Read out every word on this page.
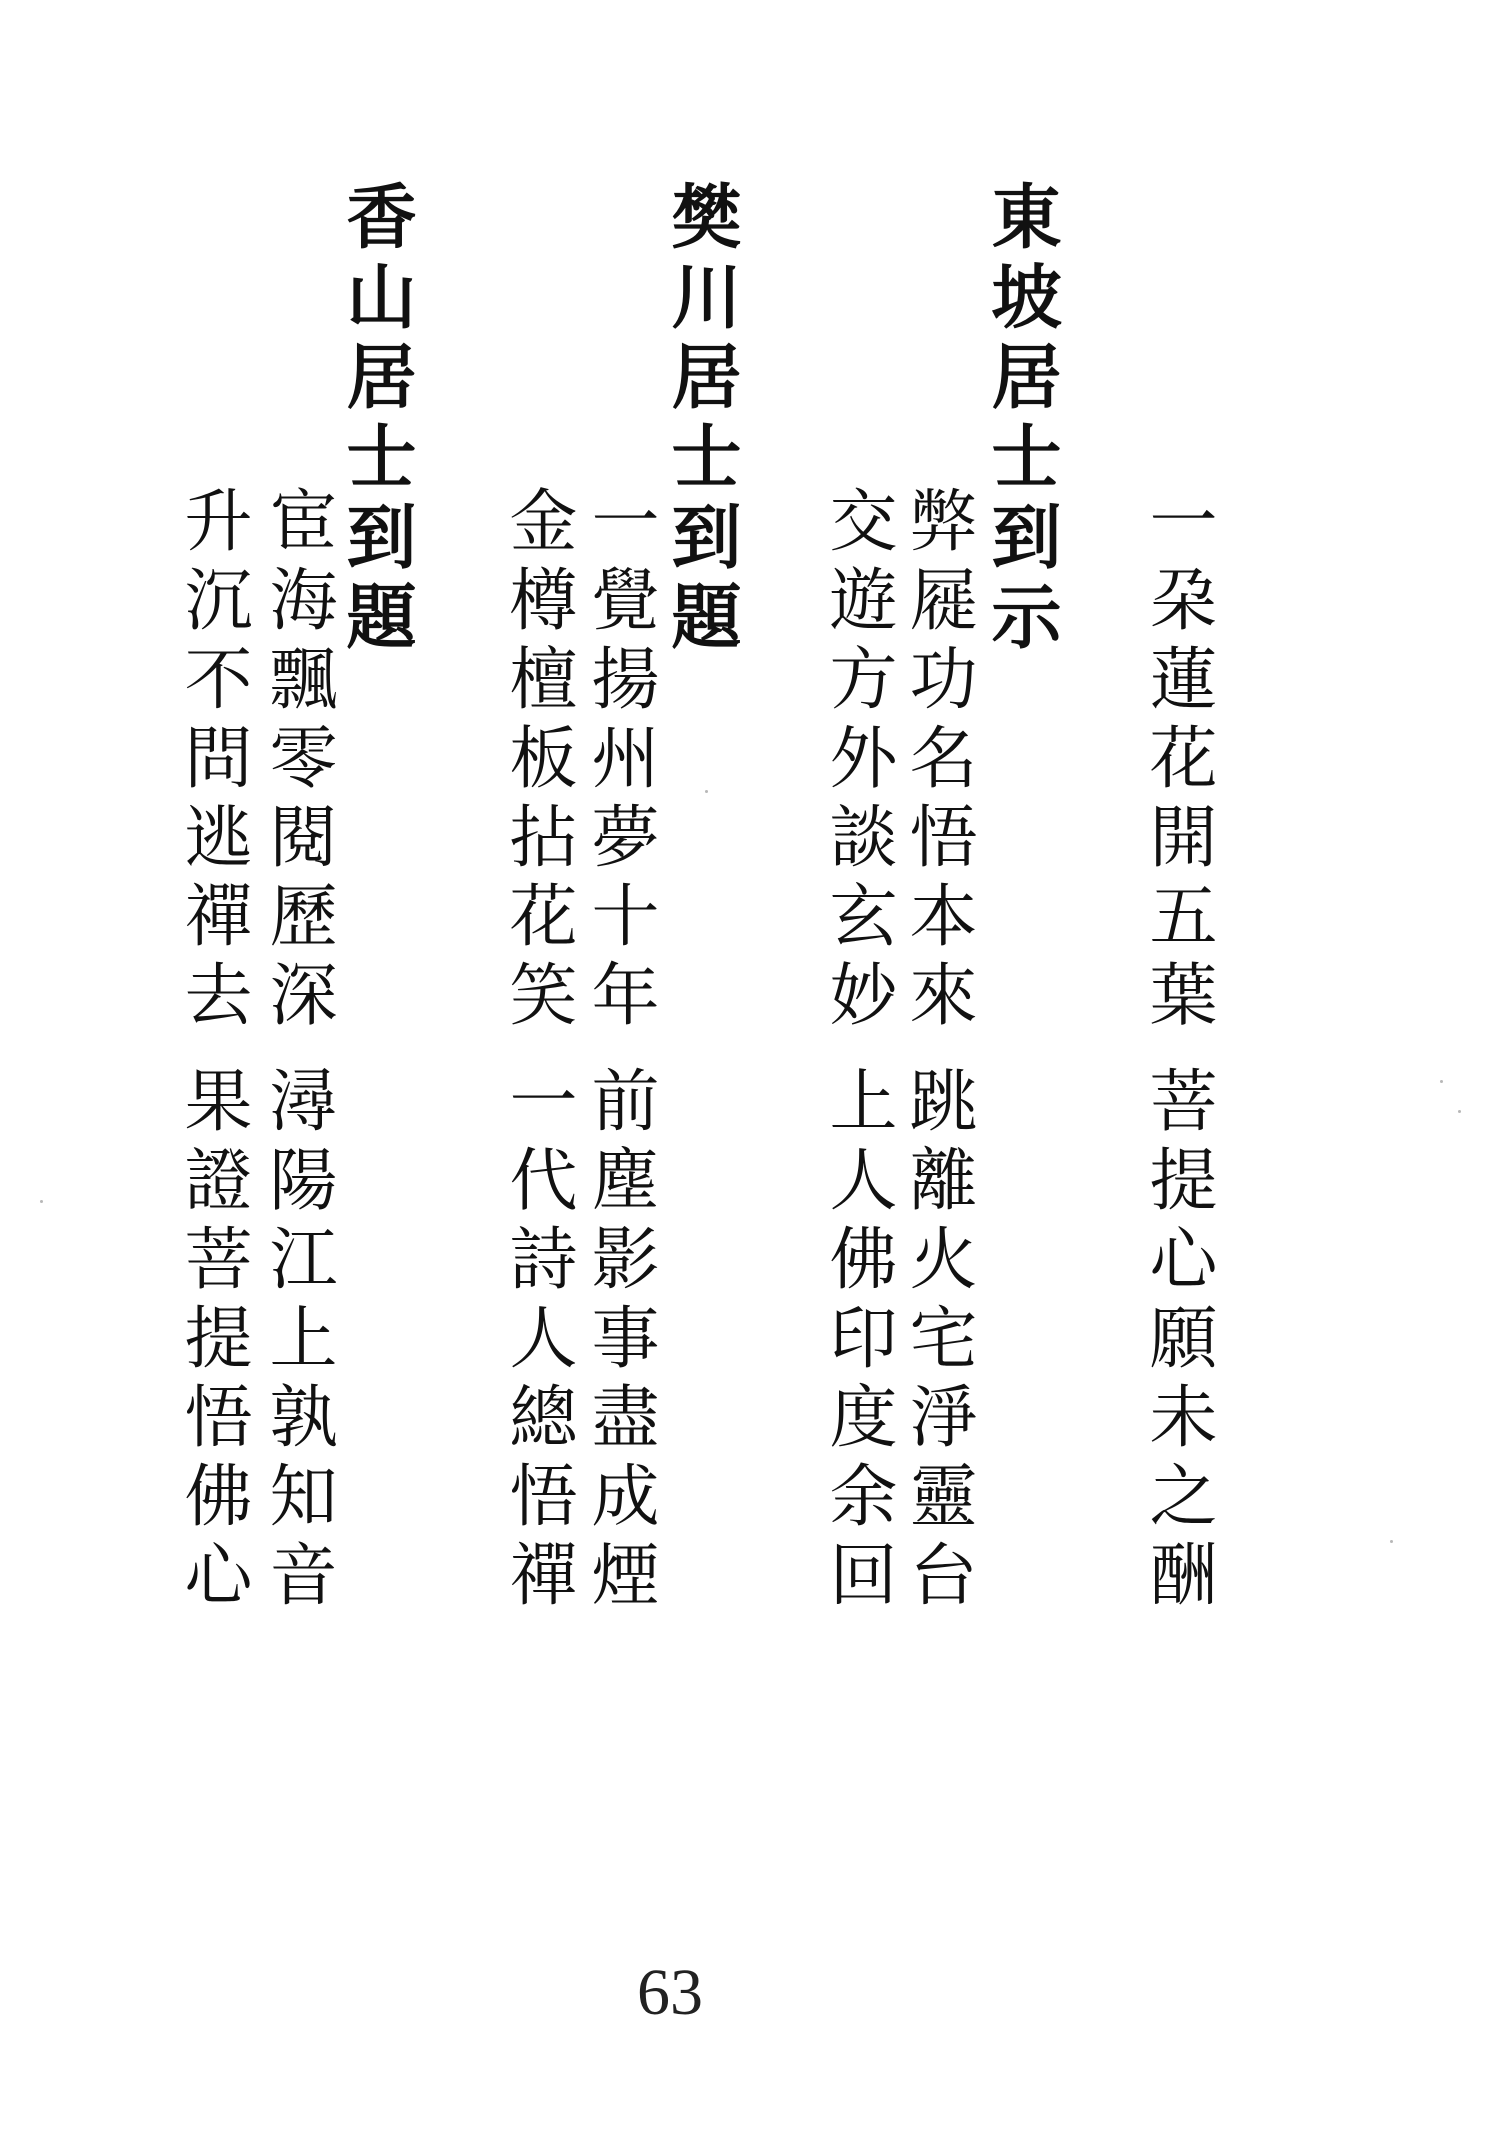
一朶蓮花開五葉
菩提心願未之酬
東坡居士到示
弊屣功名悟本來
跳離火宅淨靈台
交遊方外談玄妙
上人佛印度余回
樊川居士到題
一覺揚州夢十年
前塵影事盡成煙
金樽檀板拈花笑
一代詩人總悟禪
香山居士到題
宦海飄零閱歷深
潯陽江上孰知音
升沉不問逃禪去
果證菩提悟佛心
63
